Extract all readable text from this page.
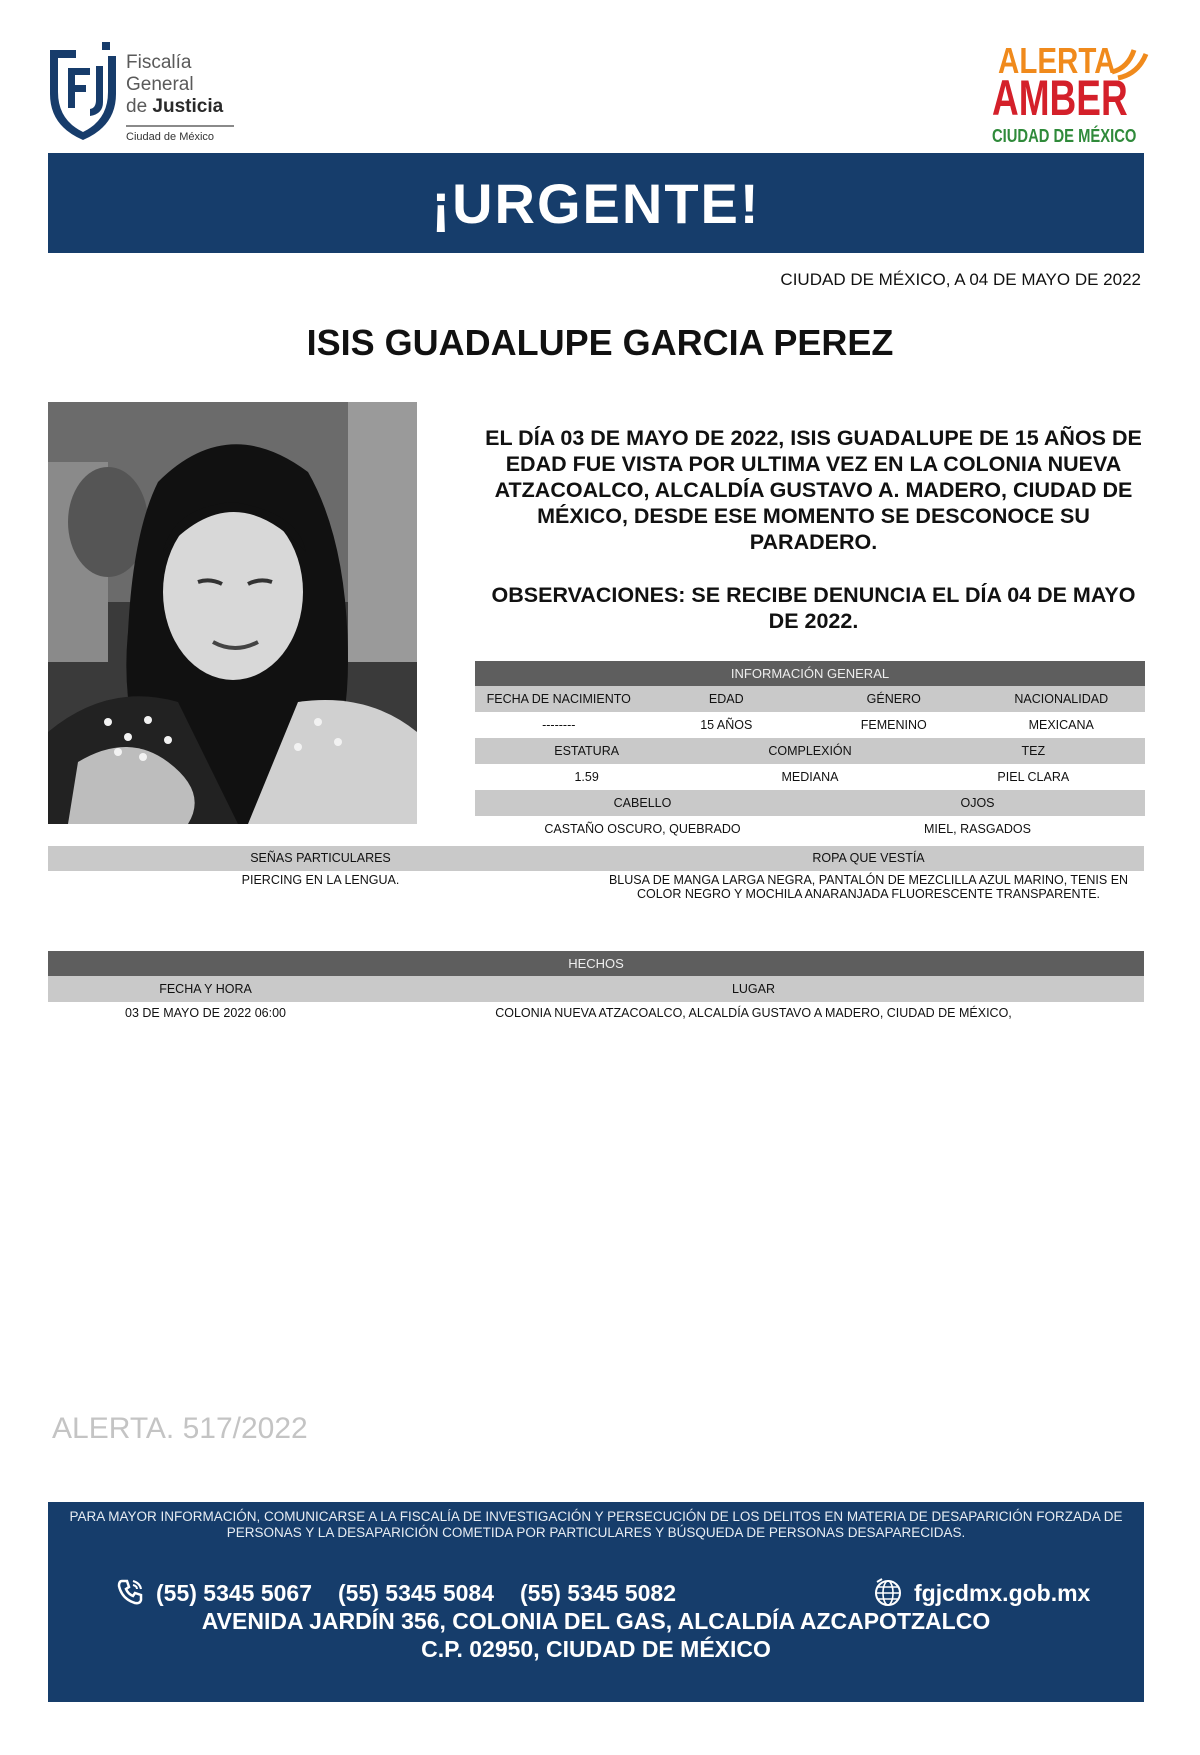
Fiscalía
General
de Justicia
Ciudad de México
ALERTA
AMBER
CIUDAD DE MÉXICO
¡URGENTE!
CIUDAD DE MÉXICO, A 04 DE MAYO DE 2022
ISIS GUADALUPE GARCIA PEREZ
EL DÍA 03 DE MAYO DE 2022, ISIS GUADALUPE DE 15 AÑOS DE EDAD FUE VISTA POR ULTIMA VEZ EN LA COLONIA NUEVA ATZACOALCO, ALCALDÍA GUSTAVO A. MADERO, CIUDAD DE MÉXICO, DESDE ESE MOMENTO SE DESCONOCE SU PARADERO.
OBSERVACIONES: SE RECIBE DENUNCIA EL DÍA 04 DE MAYO DE 2022.
INFORMACIÓN GENERAL
FECHA DE NACIMIENTO	EDAD	GÉNERO	NACIONALIDAD
--------	15 AÑOS	FEMENINO	MEXICANA
ESTATURA	COMPLEXIÓN	TEZ
1.59	MEDIANA	PIEL CLARA
CABELLO	OJOS
CASTAÑO OSCURO, QUEBRADO	MIEL, RASGADOS
SEÑAS PARTICULARES	ROPA QUE VESTÍA
PIERCING EN LA LENGUA.	BLUSA DE MANGA LARGA NEGRA, PANTALÓN DE MEZCLILLA AZUL MARINO, TENIS EN COLOR NEGRO Y MOCHILA ANARANJADA FLUORESCENTE TRANSPARENTE.
HECHOS
FECHA Y HORA	LUGAR
03 DE MAYO DE 2022 06:00	COLONIA NUEVA ATZACOALCO, ALCALDÍA GUSTAVO A MADERO, CIUDAD DE MÉXICO,
ALERTA. 517/2022
PARA MAYOR INFORMACIÓN, COMUNICARSE A LA FISCALÍA DE INVESTIGACIÓN Y PERSECUCIÓN DE LOS DELITOS EN MATERIA DE DESAPARICIÓN FORZADA DE PERSONAS Y LA DESAPARICIÓN COMETIDA POR PARTICULARES Y BÚSQUEDA DE PERSONAS DESAPARECIDAS.
(55) 5345 5067 (55) 5345 5084 (55) 5345 5082	fgjcdmx.gob.mx
AVENIDA JARDÍN 356, COLONIA DEL GAS, ALCALDÍA AZCAPOTZALCO
C.P. 02950, CIUDAD DE MÉXICO
